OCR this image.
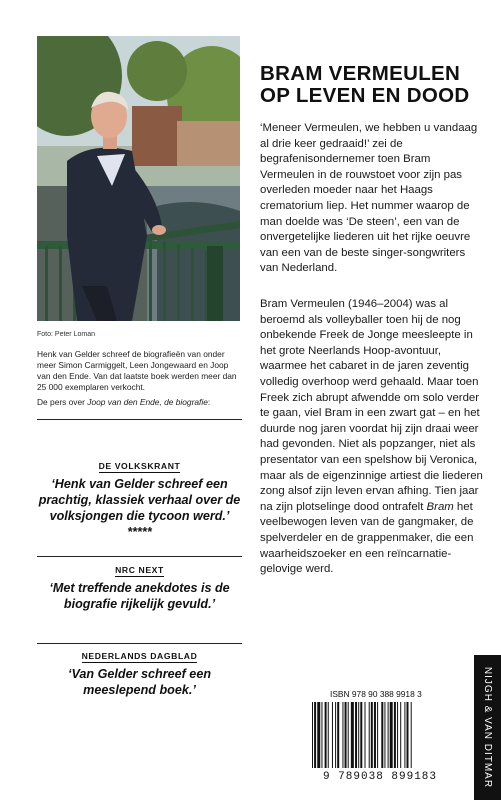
Foto: Peter Loman

Henk van Gelder schreef de biografieën van onder meer Simon Carmiggelt, Leen Jongewaard en Joop van den Ende. Van dat laatste boek werden meer dan 25 000 exemplaren verkocht.

De pers over Joop van den Ende, de biografie:

DE VOLKSKRANT

‘Henk van Gelder schreef een prachtig, klassiek verhaal over de volksjongen die tycoon werd.’ *****

NRC NEXT

‘Met treffende anekdotes is de biografie rijkelijk gevuld.’

NEDERLANDS DAGBLAD

‘Van Gelder schreef een meeslepend boek.’

BRAM VERMEULEN
OP LEVEN EN DOOD

‘Meneer Vermeulen, we hebben u vandaag al drie keer gedraaid!’ zei de begrafenisondernemer toen Bram Vermeulen in de rouwstoet voor zijn pas overleden moeder naar het Haags crematorium liep. Het nummer waarop de man doelde was ‘De steen’, een van de onvergetelijke liederen uit het rijke oeuvre van een van de beste singer-songwriters van Nederland.

Bram Vermeulen (1946–2004) was al beroemd als volleyballer toen hij de nog onbekende Freek de Jonge meesleepte in het grote Neerlands Hoop-avontuur, waarmee het cabaret in de jaren zeventig volledig overhoop werd gehaald. Maar toen Freek zich abrupt afwendde om solo verder te gaan, viel Bram in een zwart gat – en het duurde nog jaren voordat hij zijn draai weer had gevonden. Niet als popzanger, niet als presentator van een spelshow bij Veronica, maar als de eigenzinnige artiest die liederen zong alsof zijn leven ervan afhing. Tien jaar na zijn plotselinge dood ontrafelt Bram het veelbewogen leven van de gangmaker, de spelverdeler en de grappenmaker, die een waarheidszoeker en een reïncarnatiegelovige werd.

NIJGH & VAN DITMAR
ISBN 978 90 388 9918 3
9 789038 899183
